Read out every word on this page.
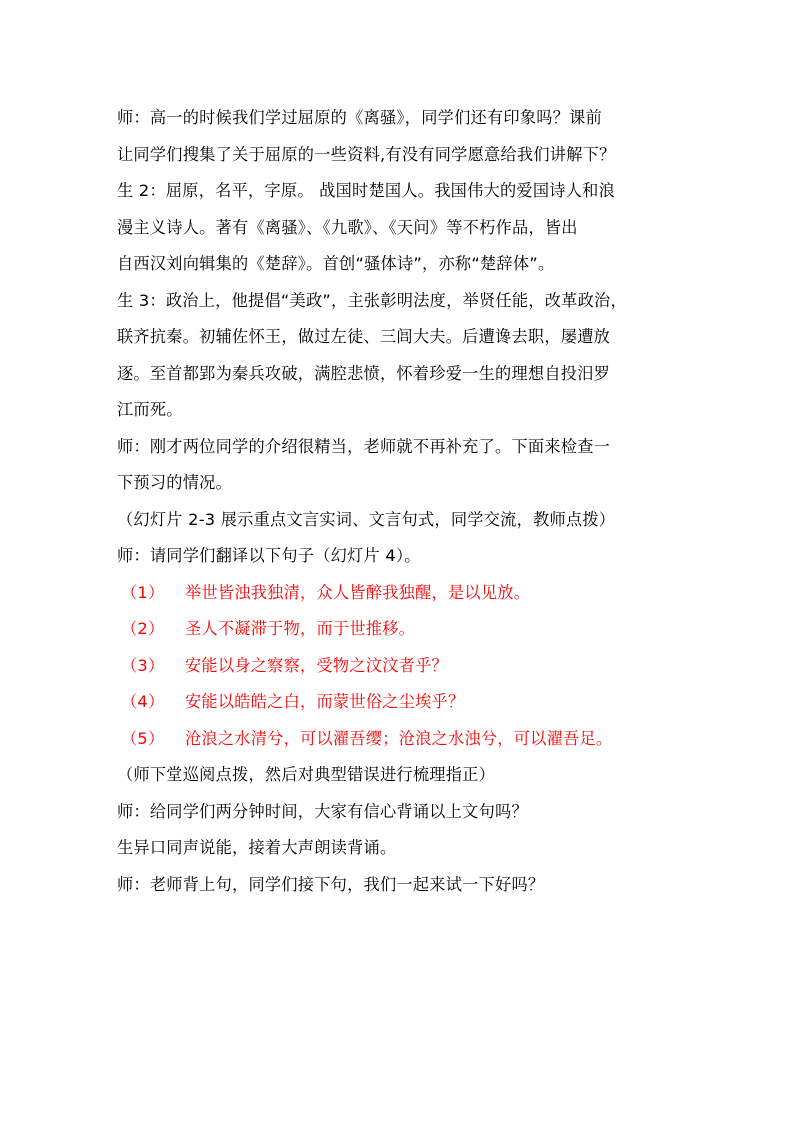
师：高一的时候我们学过屈原的《离骚》，同学们还有印象吗？课前
让同学们搜集了关于屈原的一些资料,有没有同学愿意给我们讲解下？
生 2：屈原，名平，字原。 战国时楚国人。我国伟大的爱国诗人和浪
漫主义诗人。著有《离骚》、《九歌》、《天问》等不朽作品，皆出
自西汉刘向辑集的《楚辞》。首创“骚体诗”，亦称“楚辞体”。
生 3：政治上，他提倡“美政”，主张彰明法度，举贤任能，改革政治，
联齐抗秦。初辅佐怀王，做过左徒、三闾大夫。后遭谗去职，屡遭放
逐。至首都郢为秦兵攻破，满腔悲愤，怀着珍爱一生的理想自投汨罗
江而死。
师：刚才两位同学的介绍很精当，老师就不再补充了。下面来检查一
下预习的情况。
（幻灯片 2-3 展示重点文言实词、文言句式，同学交流，教师点拨）
师：请同学们翻译以下句子（幻灯片 4）。
（1）	举世皆浊我独清，众人皆醉我独醒，是以见放。
（2）	圣人不凝滞于物，而于世推移。
（3）	安能以身之察察，受物之汶汶者乎？
（4）	安能以皓皓之白，而蒙世俗之尘埃乎？
（5）	沧浪之水清兮，可以濯吾缨；沧浪之水浊兮，可以濯吾足。
（师下堂巡阅点拨，然后对典型错误进行梳理指正）
师：给同学们两分钟时间，大家有信心背诵以上文句吗？
生异口同声说能，接着大声朗读背诵。
师：老师背上句，同学们接下句，我们一起来试一下好吗？
